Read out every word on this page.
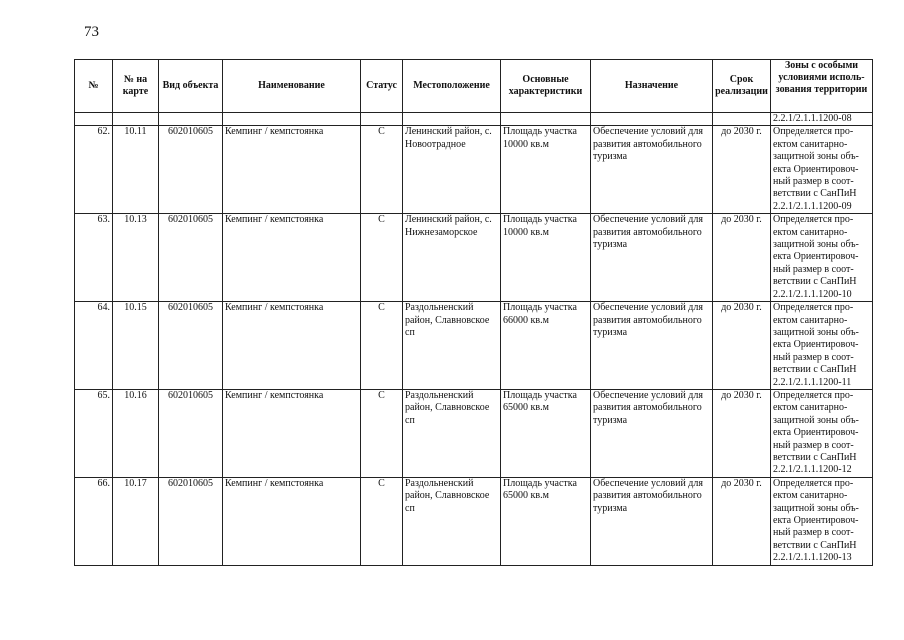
73
№	№ на карте	Вид объекта	Наименование	Статус	Местоположение	Основные характеристики	Назначение	Срок реализации	Зоны с особыми условиями исполь-зования территории
									2.2.1/2.1.1.1200-08
62.	10.11	602010605	Кемпинг / кемпстоянка	С	Ленинский район, с. Новоотрадное	Площадь участка 10000 кв.м	Обеспечение условий для развития автомобильного туризма	до 2030 г.	Определяется про-ектом санитарно-защитной зоны объ-екта Ориентировоч-ный размер в соот-ветствии с СанПиН 2.2.1/2.1.1.1200-09
63.	10.13	602010605	Кемпинг / кемпстоянка	С	Ленинский район, с. Нижнезаморское	Площадь участка 10000 кв.м	Обеспечение условий для развития автомобильного туризма	до 2030 г.	Определяется про-ектом санитарно-защитной зоны объ-екта Ориентировоч-ный размер в соот-ветствии с СанПиН 2.2.1/2.1.1.1200-10
64.	10.15	602010605	Кемпинг / кемпстоянка	С	Раздольненский район, Славновское сп	Площадь участка 66000 кв.м	Обеспечение условий для развития автомобильного туризма	до 2030 г.	Определяется про-ектом санитарно-защитной зоны объ-екта Ориентировоч-ный размер в соот-ветствии с СанПиН 2.2.1/2.1.1.1200-11
65.	10.16	602010605	Кемпинг / кемпстоянка	С	Раздольненский район, Славновское сп	Площадь участка 65000 кв.м	Обеспечение условий для развития автомобильного туризма	до 2030 г.	Определяется про-ектом санитарно-защитной зоны объ-екта Ориентировоч-ный размер в соот-ветствии с СанПиН 2.2.1/2.1.1.1200-12
66.	10.17	602010605	Кемпинг / кемпстоянка	С	Раздольненский район, Славновское сп	Площадь участка 65000 кв.м	Обеспечение условий для развития автомобильного туризма	до 2030 г.	Определяется про-ектом санитарно-защитной зоны объ-екта Ориентировоч-ный размер в соот-ветствии с СанПиН 2.2.1/2.1.1.1200-13
